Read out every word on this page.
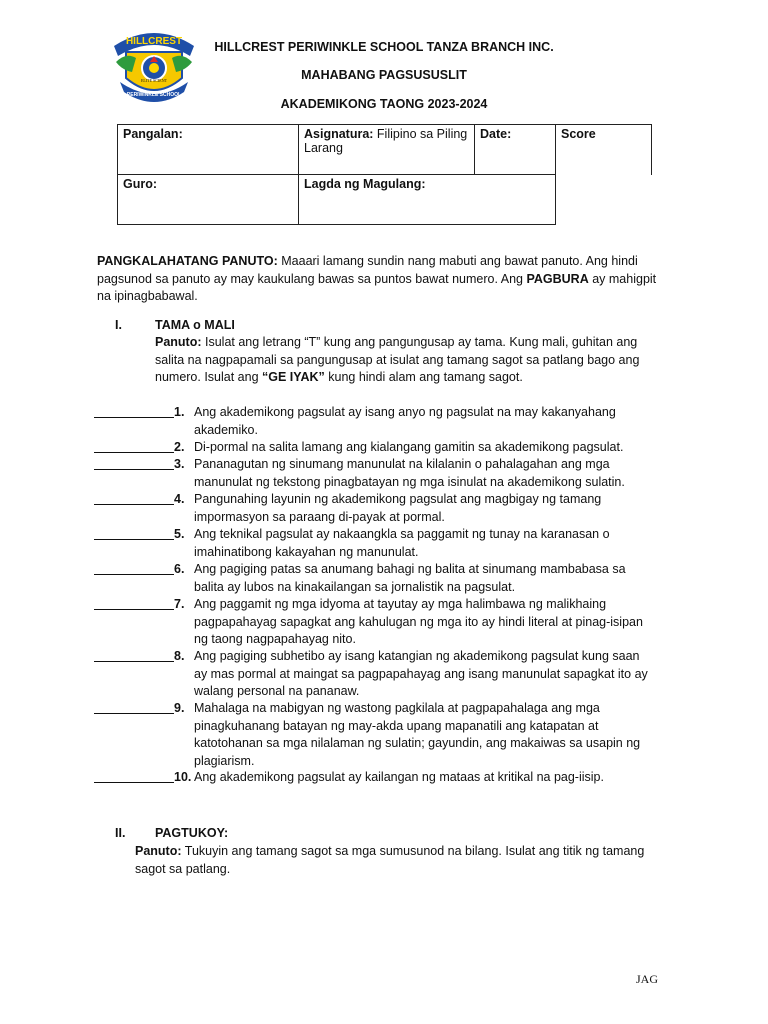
HILLCREST
ELITE SCIENT
PERIWINKLE SCHOOL
HILLCREST PERIWINKLE SCHOOL TANZA BRANCH INC.
MAHABANG PAGSUSUSLIT
AKADEMIKONG TAONG 2023-2024
Pangalan:	Asignatura: Filipino sa Piling Larang	Date:	Score
Guro:	Lagda ng Magulang:		
PANGKALAHATANG PANUTO: Maaari lamang sundin nang mabuti ang bawat panuto. Ang hindi pagsunod sa panuto ay may kaukulang bawas sa puntos bawat numero. Ang PAGBURA ay mahigpit na ipinagbabawal.
I.	TAMA o MALI
Panuto: Isulat ang letrang “T” kung ang pangungusap ay tama. Kung mali, guhitan ang salita na nagpapamali sa pangungusap at isulat ang tamang sagot sa patlang bago ang numero. Isulat ang “GE IYAK” kung hindi alam ang tamang sagot.
1. Ang akademikong pagsulat ay isang anyo ng pagsulat na may kakanyahang akademiko.
2. Di-pormal na salita lamang ang kialangang gamitin sa akademikong pagsulat.
3. Pananagutan ng sinumang manunulat na kilalanin o pahalagahan ang mga manunulat ng tekstong pinagbatayan ng mga isinulat na akademikong sulatin.
4. Pangunahing layunin ng akademikong pagsulat ang magbigay ng tamang impormasyon sa paraang di-payak at pormal.
5. Ang teknikal pagsulat ay nakaangkla sa paggamit ng tunay na karanasan o imahinatibong kakayahan ng manunulat.
6. Ang pagiging patas sa anumang bahagi ng balita at sinumang mambabasa sa balita ay lubos na kinakailangan sa jornalistik na pagsulat.
7. Ang paggamit ng mga idyoma at tayutay ay mga halimbawa ng malikhaing pagpapahayag sapagkat ang kahulugan ng mga ito ay hindi literal at pinag-isipan ng taong nagpapahayag nito.
8. Ang pagiging subhetibo ay isang katangian ng akademikong pagsulat kung saan ay mas pormal at maingat sa pagpapahayag ang isang manunulat sapagkat ito ay walang personal na pananaw.
9. Mahalaga na mabigyan ng wastong pagkilala at pagpapahalaga ang mga pinagkuhanang batayan ng may-akda upang mapanatili ang katapatan at katotohanan sa mga nilalaman ng sulatin; gayundin, ang makaiwas sa usapin ng plagiarism.
10. Ang akademikong pagsulat ay kailangan ng mataas at kritikal na pag-iisip.
II. PAGTUKOY:
Panuto: Tukuyin ang tamang sagot sa mga sumusunod na bilang. Isulat ang titik ng tamang sagot sa patlang.
JAG
